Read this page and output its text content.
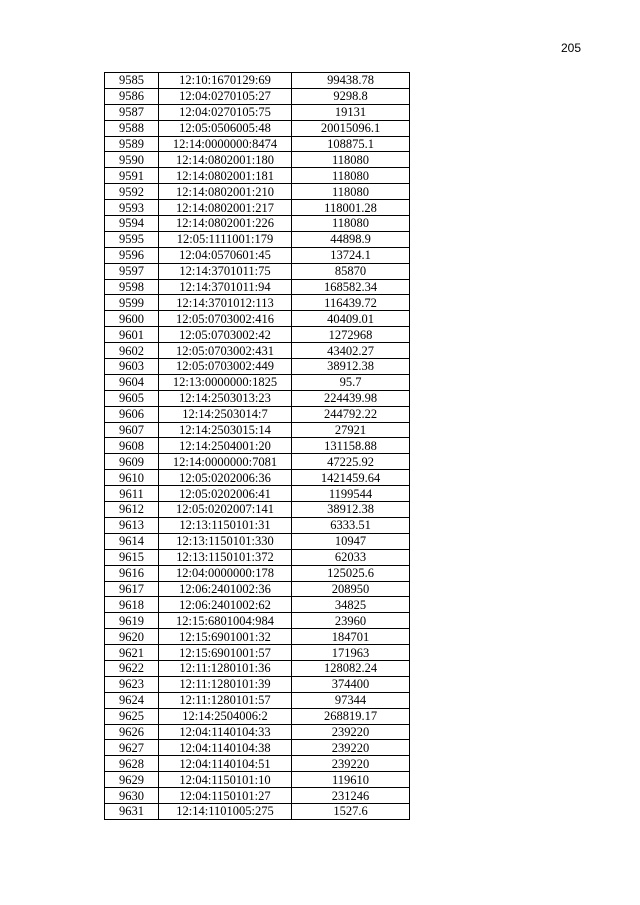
205
9585	12:10:1670129:69	99438.78
9586	12:04:0270105:27	9298.8
9587	12:04:0270105:75	19131
9588	12:05:0506005:48	20015096.1
9589	12:14:0000000:8474	108875.1
9590	12:14:0802001:180	118080
9591	12:14:0802001:181	118080
9592	12:14:0802001:210	118080
9593	12:14:0802001:217	118001.28
9594	12:14:0802001:226	118080
9595	12:05:1111001:179	44898.9
9596	12:04:0570601:45	13724.1
9597	12:14:3701011:75	85870
9598	12:14:3701011:94	168582.34
9599	12:14:3701012:113	116439.72
9600	12:05:0703002:416	40409.01
9601	12:05:0703002:42	1272968
9602	12:05:0703002:431	43402.27
9603	12:05:0703002:449	38912.38
9604	12:13:0000000:1825	95.7
9605	12:14:2503013:23	224439.98
9606	12:14:2503014:7	244792.22
9607	12:14:2503015:14	27921
9608	12:14:2504001:20	131158.88
9609	12:14:0000000:7081	47225.92
9610	12:05:0202006:36	1421459.64
9611	12:05:0202006:41	1199544
9612	12:05:0202007:141	38912.38
9613	12:13:1150101:31	6333.51
9614	12:13:1150101:330	10947
9615	12:13:1150101:372	62033
9616	12:04:0000000:178	125025.6
9617	12:06:2401002:36	208950
9618	12:06:2401002:62	34825
9619	12:15:6801004:984	23960
9620	12:15:6901001:32	184701
9621	12:15:6901001:57	171963
9622	12:11:1280101:36	128082.24
9623	12:11:1280101:39	374400
9624	12:11:1280101:57	97344
9625	12:14:2504006:2	268819.17
9626	12:04:1140104:33	239220
9627	12:04:1140104:38	239220
9628	12:04:1140104:51	239220
9629	12:04:1150101:10	119610
9630	12:04:1150101:27	231246
9631	12:14:1101005:275	1527.6
